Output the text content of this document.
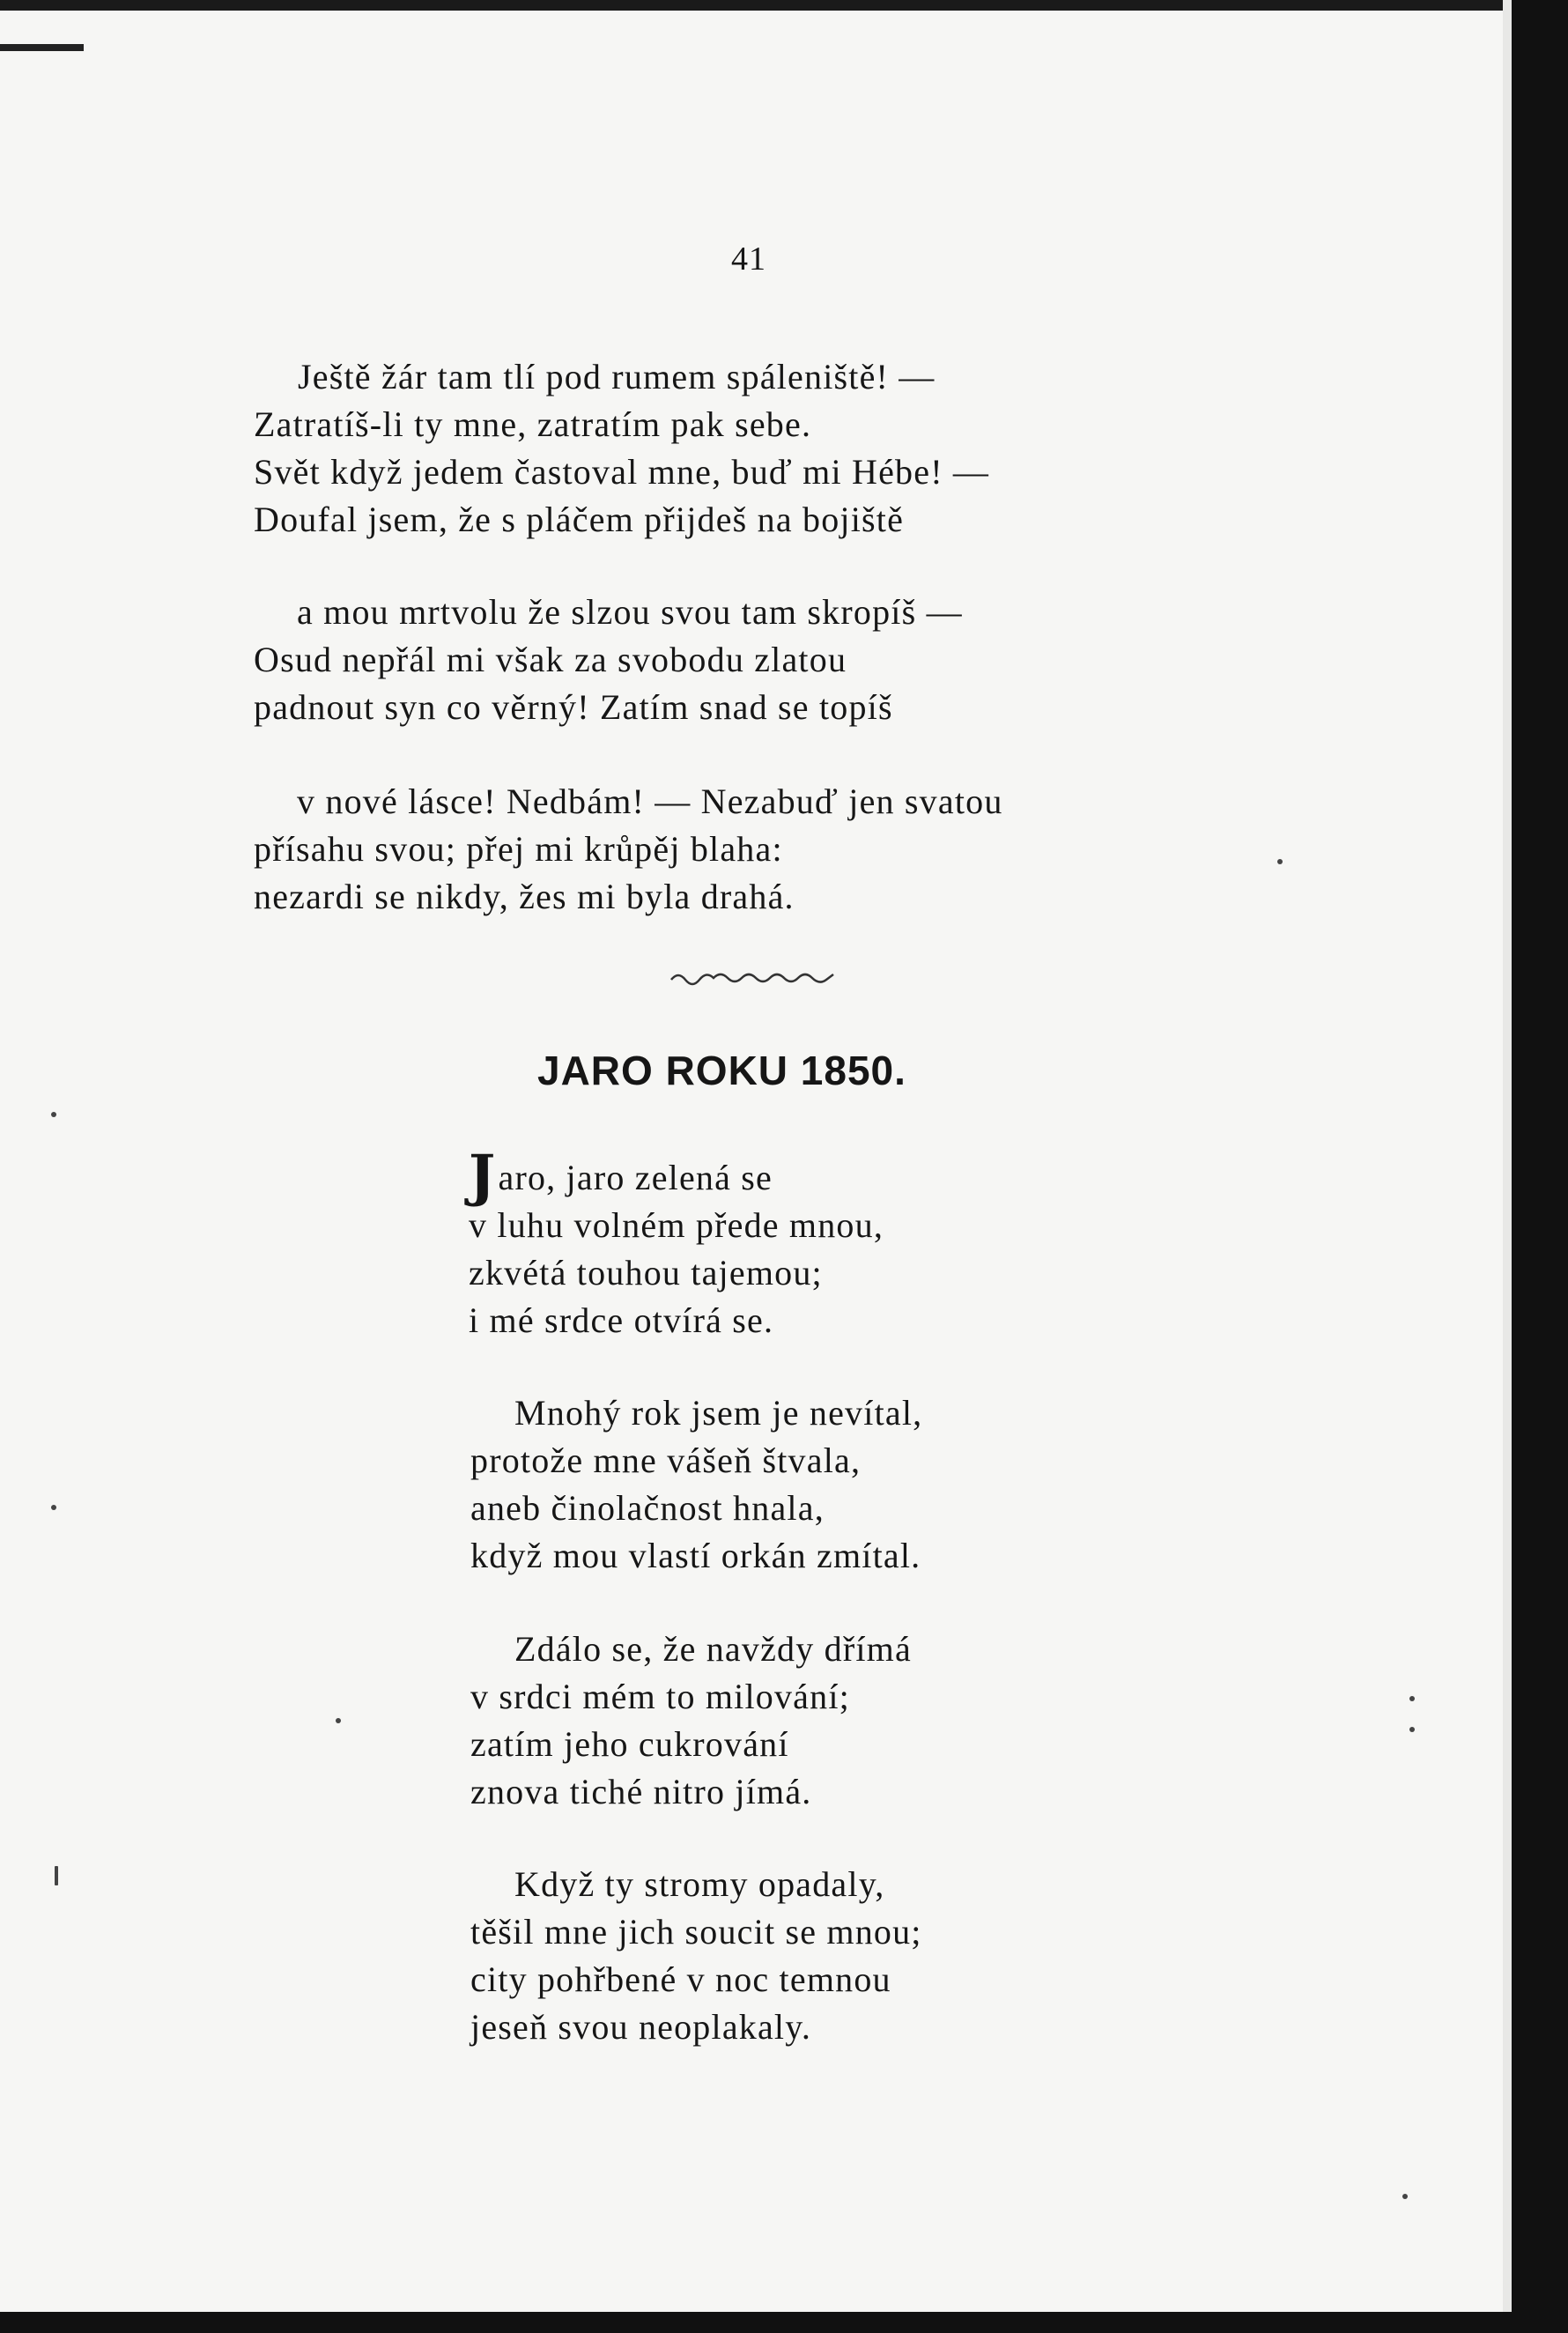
41
Ještě žár tam tlí pod rumem spáleniště! —
Zatratíš-li ty mne, zatratím pak sebe.
Svět když jedem častoval mne, buď mi Hébe! —
Doufal jsem, že s pláčem přijdeš na bojiště
a mou mrtvolu že slzou svou tam skropíš —
Osud nepřál mi však za svobodu zlatou
padnout syn co věrný! Zatím snad se topíš
v nové lásce! Nedbám! — Nezabuď jen svatou
přísahu svou; přej mi krůpěj blaha:
nezardi se nikdy, žes mi byla drahá.
JARO ROKU 1850.
Jaro, jaro zelená se
v luhu volném přede mnou,
zkvétá touhou tajemou;
i mé srdce otvírá se.
Mnohý rok jsem je nevítal,
protože mne vášeň štvala,
aneb činolačnost hnala,
když mou vlastí orkán zmítal.
Zdálo se, že navždy dřímá
v srdci mém to milování;
zatím jeho cukrování
znova tiché nitro jímá.
Když ty stromy opadaly,
těšil mne jich soucit se mnou;
city pohřbené v noc temnou
jeseň svou neoplakaly.
